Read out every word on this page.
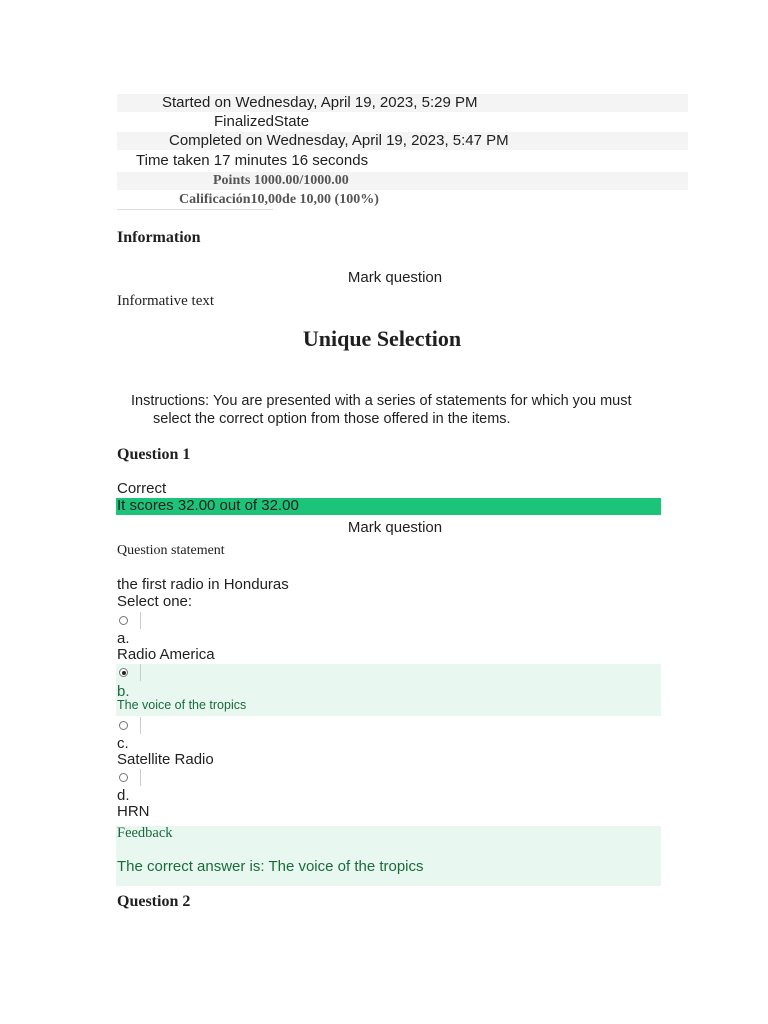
Started on Wednesday, April 19, 2023, 5:29 PM
FinalizedState
Completed on Wednesday, April 19, 2023, 5:47 PM
Time taken 17 minutes 16 seconds
Points 1000.00/1000.00
Calificación10,00de 10,00 (100%)
Information
Mark question
Informative text
Unique Selection
Instructions: You are presented with a series of statements for which you must
select the correct option from those offered in the items.
Question 1
Correct
It scores 32.00 out of 32.00
Mark question
Question statement
the first radio in Honduras
Select one:
a.
Radio America
b.
The voice of the tropics
c.
Satellite Radio
d.
HRN
Feedback
The correct answer is: The voice of the tropics
Question 2
